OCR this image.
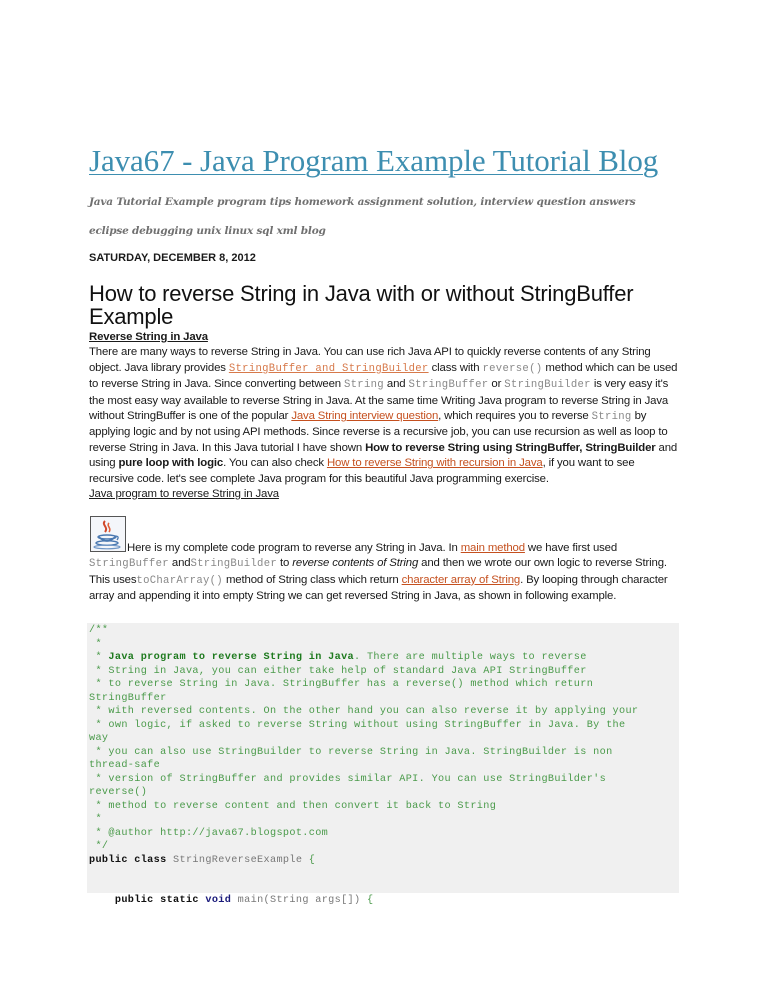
Java67 - Java Program Example Tutorial Blog
Java Tutorial Example program tips homework assignment solution, interview question answers
eclipse debugging unix linux sql xml blog
SATURDAY, DECEMBER 8, 2012
How to reverse String in Java with or without StringBuffer Example
Reverse String in Java
There are many ways to reverse String in Java. You can use rich Java API to quickly reverse contents of any String object. Java library provides StringBuffer and StringBuilder class with reverse() method which can be used to reverse String in Java. Since converting between String and StringBuffer or StringBuilder is very easy it's the most easy way available to reverse String in Java. At the same time Writing Java program to reverse String in Java without StringBuffer is one of the popular Java String interview question, which requires you to reverse String by applying logic and by not using API methods. Since reverse is a recursive job, you can use recursion as well as loop to reverse String in Java. In this Java tutorial I have shown How to reverse String using StringBuffer, StringBuilder and using pure loop with logic. You can also check How to reverse String with recursion in Java, if you want to see recursive code. let's see complete Java program for this beautiful Java programming exercise.
Java program to reverse String in Java
Here is my complete code program to reverse any String in Java. In main method we have first used StringBuffer andStringBuilder to reverse contents of String and then we wrote our own logic to reverse String. This usestoCharArray() method of String class which return character array of String. By looping through character array and appending it into empty String we can get reversed String in Java, as shown in following example.
/**
*
* Java program to reverse String in Java. There are multiple ways to reverse
* String in Java, you can either take help of standard Java API StringBuffer
* to reverse String in Java. StringBuffer has a reverse() method which return
StringBuffer
* with reversed contents. On the other hand you can also reverse it by applying your
* own logic, if asked to reverse String without using StringBuffer in Java. By the
way
* you can also use StringBuilder to reverse String in Java. StringBuilder is non
thread-safe
* version of StringBuffer and provides similar API. You can use StringBuilder's
reverse()
* method to reverse content and then convert it back to String
*
* @author http://java67.blogspot.com
*/
public class StringReverseExample {
public static void main(String args[]) {
